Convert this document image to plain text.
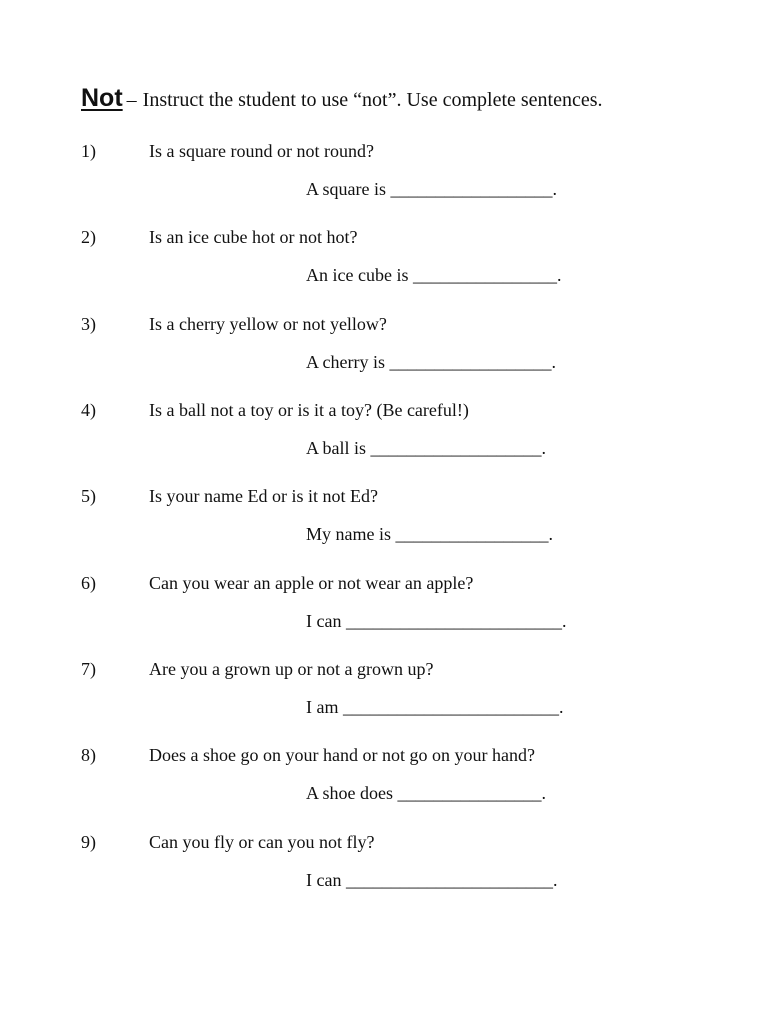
Not – Instruct the student to use “not”. Use complete sentences.
1)	Is a square round or not round?
A square is __________________.
2)	Is an ice cube hot or not hot?
An ice cube is ________________.
3)	Is a cherry yellow or not yellow?
A cherry is __________________.
4)	Is a ball not a toy or is it a toy? (Be careful!)
A ball is ___________________.
5)	Is your name Ed or is it not Ed?
My name is _________________.
6)	Can you wear an apple or not wear an apple?
I can ________________________.
7)	Are you a grown up or not a grown up?
I am ________________________.
8)	Does a shoe go on your hand or not go on your hand?
A shoe does ________________.
9)	Can you fly or can you not fly?
I can _______________________.
